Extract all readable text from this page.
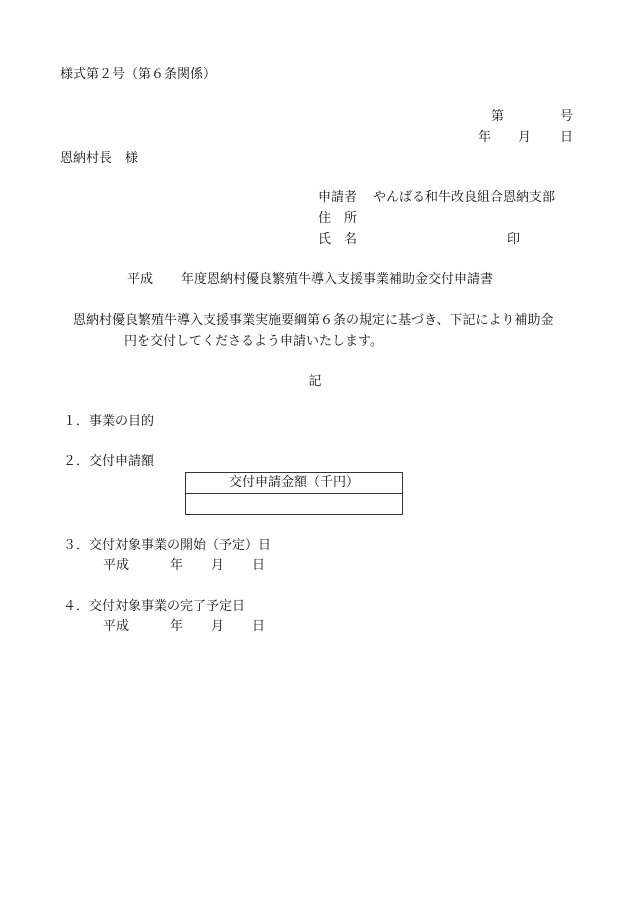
様式第２号（第６条関係）
第	号
年 月 日
恩納村長　様
申請者 やんばる和牛改良組合恩納支部
住　所
氏　名	印
平成 年度恩納村優良繁殖牛導入支援事業補助金交付申請書
恩納村優良繁殖牛導入支援事業実施要綱第６条の規定に基づき、下記により補助金
円を交付してくださるよう申請いたします。
記
１．事業の目的
２．交付申請額
交付申請金額（千円）
３．交付対象事業の開始（予定）日
平成	年 月 日
４．交付対象事業の完了予定日
平成	年 月 日
